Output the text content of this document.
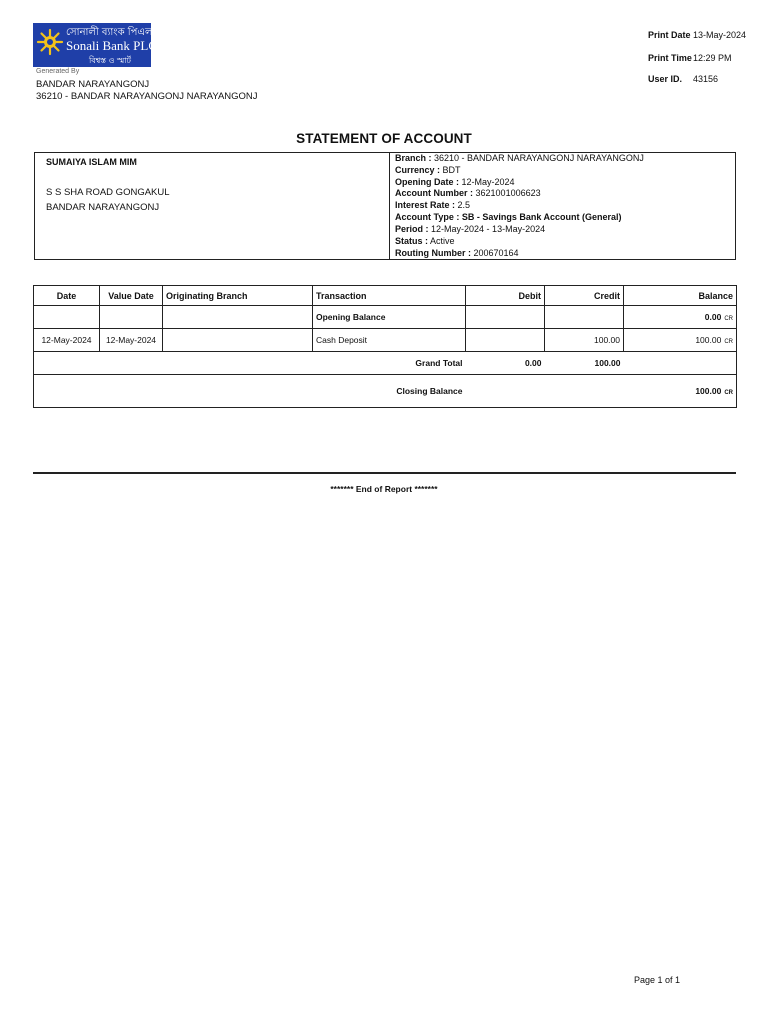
সোনালী ব্যাংক পিএলসি
Sonali Bank PLC
বিশ্বস্ত ও স্মার্ট
Generated By
BANDAR NARAYANGONJ
36210 - BANDAR NARAYANGONJ NARAYANGONJ
Print Date 13-May-2024
Print Time 12:29 PM
User ID. 43156
STATEMENT OF ACCOUNT
SUMAIYA ISLAM MIM
S S SHA ROAD GONGAKUL
BANDAR NARAYANGONJ
Branch : 36210 - BANDAR NARAYANGONJ NARAYANGONJ
Currency : BDT
Opening Date : 12-May-2024
Account Number : 3621001006623
Interest Rate : 2.5
Account Type : SB - Savings Bank Account (General)
Period : 12-May-2024 - 13-May-2024
Status : Active
Routing Number : 200670164
Date	Value Date	Originating Branch	Transaction	Debit	Credit	Balance
			Opening Balance			0.00 CR
12-May-2024	12-May-2024		Cash Deposit		100.00	100.00 CR
Grand Total				0.00	100.00	
Closing Balance						100.00 CR
******* End of Report *******
Page 1 of 1
